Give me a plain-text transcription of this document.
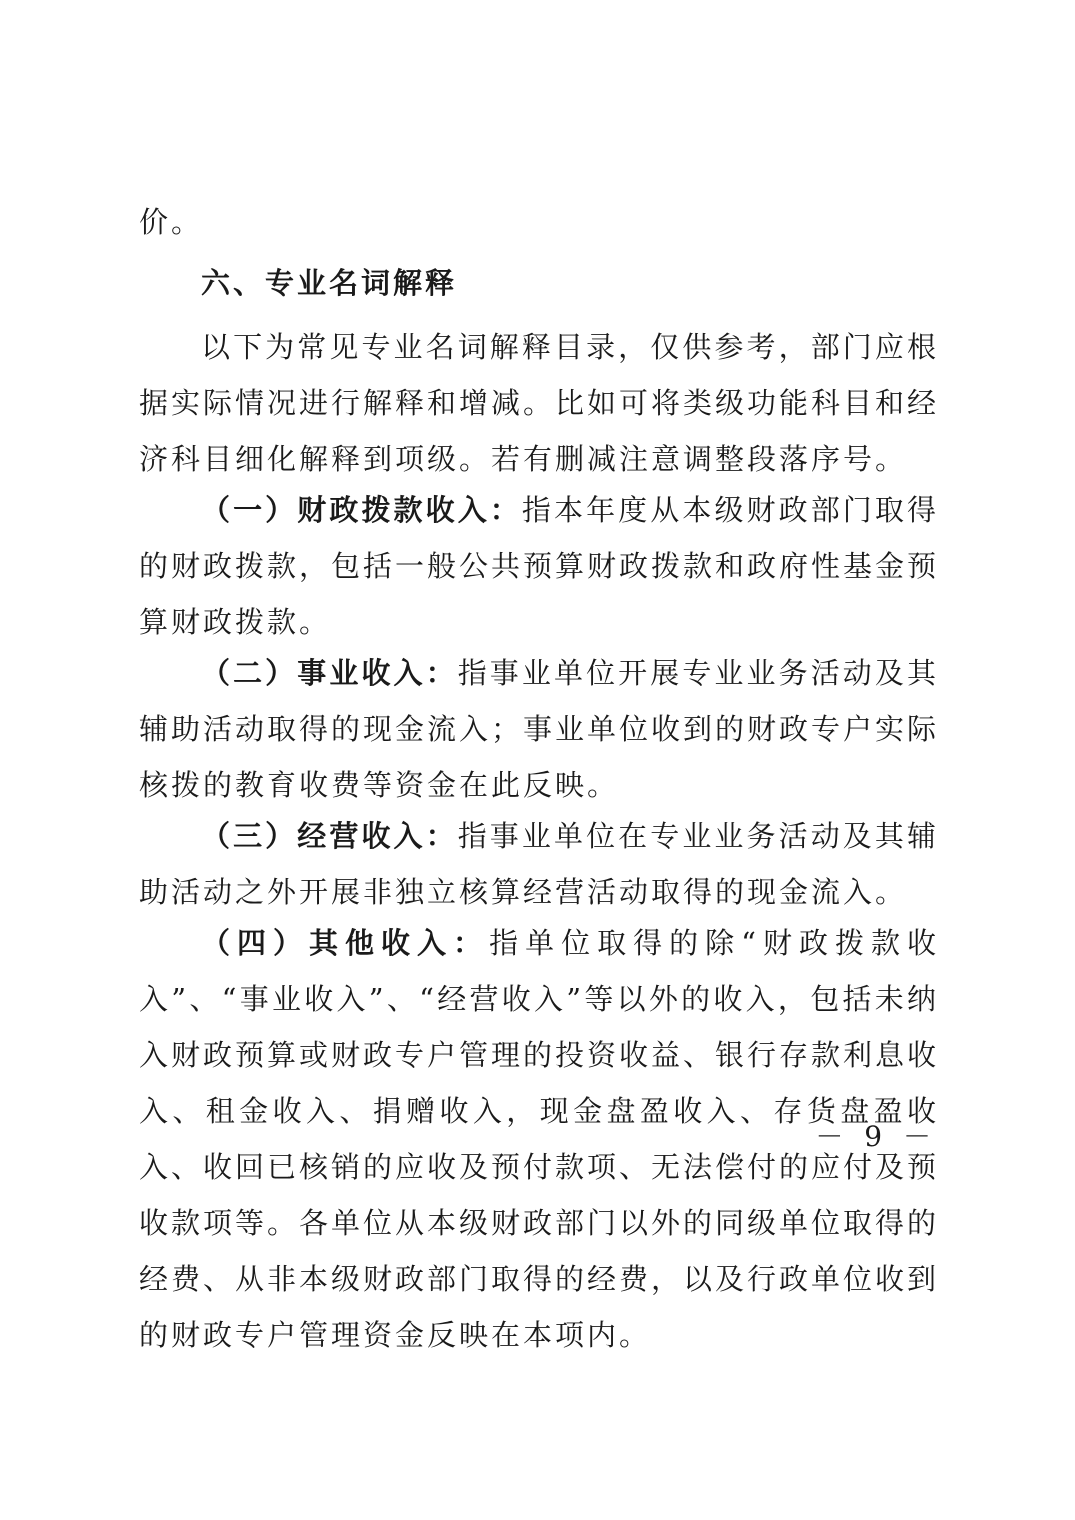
价。

六、专业名词解释

以下为常见专业名词解释目录，仅供参考，部门应根据实际情况进行解释和增减。比如可将类级功能科目和经济科目细化解释到项级。若有删减注意调整段落序号。

（一）财政拨款收入：指本年度从本级财政部门取得的财政拨款，包括一般公共预算财政拨款和政府性基金预算财政拨款。

（二）事业收入：指事业单位开展专业业务活动及其辅助活动取得的现金流入；事业单位收到的财政专户实际核拨的教育收费等资金在此反映。

（三）经营收入：指事业单位在专业业务活动及其辅助活动之外开展非独立核算经营活动取得的现金流入。

（四）其他收入：指单位取得的除“财政拨款收入”、“事业收入”、“经营收入”等以外的收入，包括未纳入财政预算或财政专户管理的投资收益、银行存款利息收入、租金收入、捐赠收入，现金盘盈收入、存货盘盈收入、收回已核销的应收及预付款项、无法偿付的应付及预收款项等。各单位从本级财政部门以外的同级单位取得的经费、从非本级财政部门取得的经费，以及行政单位收到的财政专户管理资金反映在本项内。

－ 9 －
